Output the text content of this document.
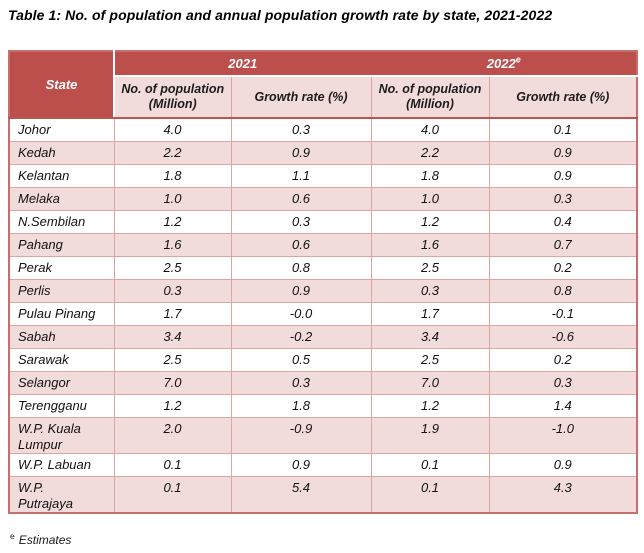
Table 1: No. of population and annual population growth rate by state, 2021-2022
State	2021		2022e
	No. of population (Million)	Growth rate (%)	No. of population (Million)	Growth rate (%)
Johor	4.0	0.3	4.0	0.1
Kedah	2.2	0.9	2.2	0.9
Kelantan	1.8	1.1	1.8	0.9
Melaka	1.0	0.6	1.0	0.3
N.Sembilan	1.2	0.3	1.2	0.4
Pahang	1.6	0.6	1.6	0.7
Perak	2.5	0.8	2.5	0.2
Perlis	0.3	0.9	0.3	0.8
Pulau Pinang	1.7	-0.0	1.7	-0.1
Sabah	3.4	-0.2	3.4	-0.6
Sarawak	2.5	0.5	2.5	0.2
Selangor	7.0	0.3	7.0	0.3
Terengganu	1.2	1.8	1.2	1.4
W.P. Kuala Lumpur	2.0	-0.9	1.9	-1.0
W.P. Labuan	0.1	0.9	0.1	0.9
W.P. Putrajaya	0.1	5.4	0.1	4.3
$^e$ Estimates
